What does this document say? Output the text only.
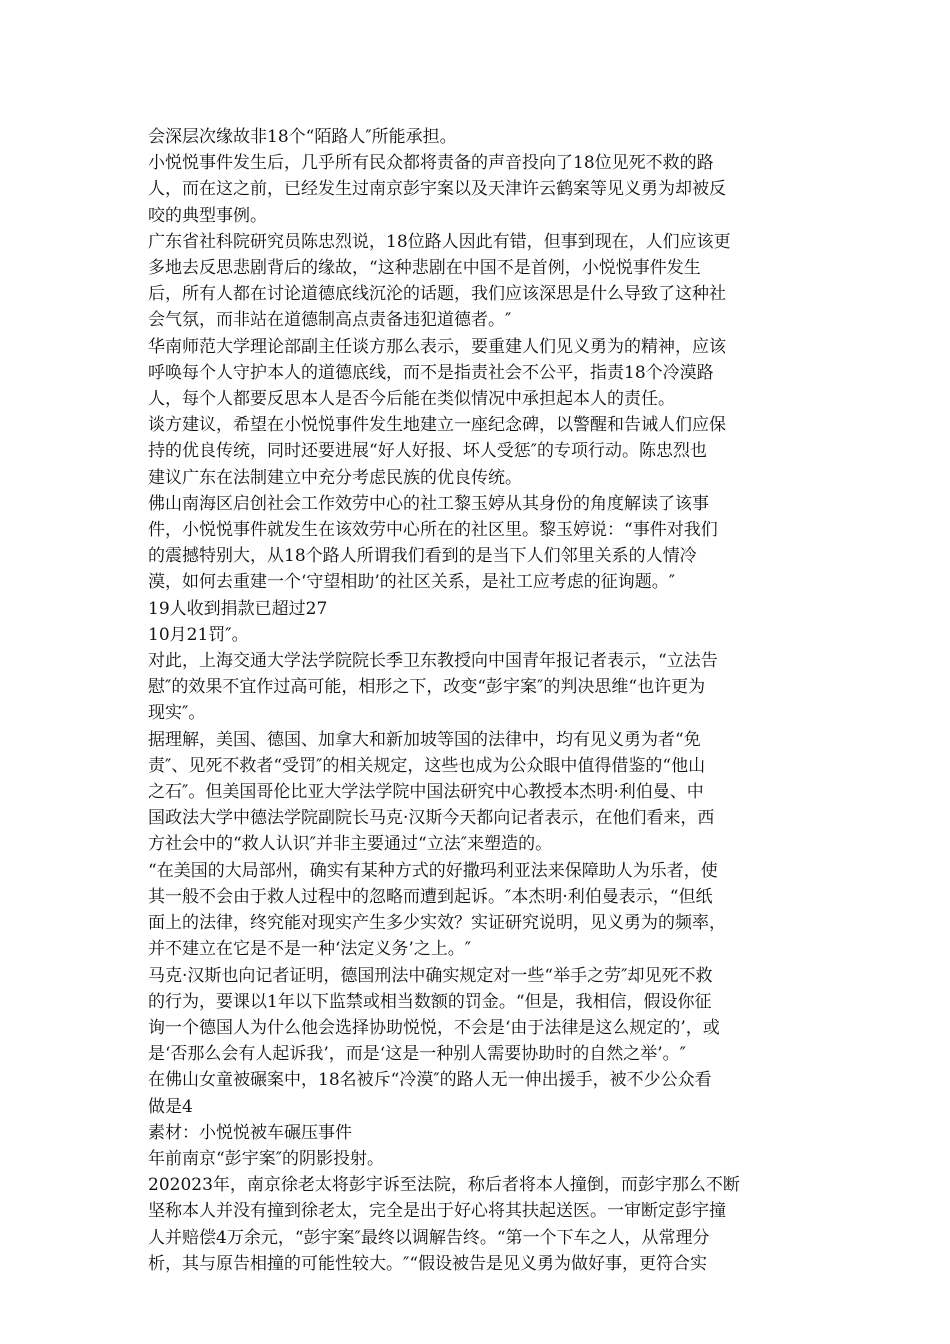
会深层次缘故非18个“陌路人″所能承担。

小悦悦事件发生后，几乎所有民众都将责备的声音投向了18位见死不救的路
人，而在这之前，已经发生过南京彭宇案以及天津许云鹤案等见义勇为却被反
咬的典型事例。

广东省社科院研究员陈忠烈说，18位路人因此有错，但事到现在，人们应该更
多地去反思悲剧背后的缘故，“这种悲剧在中国不是首例，小悦悦事件发生
后，所有人都在讨论道德底线沉沦的话题，我们应该深思是什么导致了这种社
会气氛，而非站在道德制高点责备违犯道德者。″

华南师范大学理论部副主任谈方那么表示，要重建人们见义勇为的精神，应该
呼唤每个人守护本人的道德底线，而不是指责社会不公平，指责18个冷漠路
人，每个人都要反思本人是否今后能在类似情况中承担起本人的责任。

谈方建议，希望在小悦悦事件发生地建立一座纪念碑，以警醒和告诫人们应保
持的优良传统，同时还要进展“好人好报、坏人受惩″的专项行动。陈忠烈也
建议广东在法制建立中充分考虑民族的优良传统。

佛山南海区启创社会工作效劳中心的社工黎玉婷从其身份的角度解读了该事
件，小悦悦事件就发生在该效劳中心所在的社区里。黎玉婷说：“事件对我们
的震撼特别大，从18个路人所谓我们看到的是当下人们邻里关系的人情冷
漠，如何去重建一个‘守望相助’的社区关系，是社工应考虑的征询题。″

19人收到捐款已超过27

10月21罚″。

对此，上海交通大学法学院院长季卫东教授向中国青年报记者表示，“立法告
慰″的效果不宜作过高可能，相形之下，改变“彭宇案″的判决思维“也许更为
现实″。

据理解，美国、德国、加拿大和新加坡等国的法律中，均有见义勇为者“免
责″、见死不救者“受罚″的相关规定，这些也成为公众眼中值得借鉴的“他山
之石″。但美国哥伦比亚大学法学院中国法研究中心教授本杰明·利伯曼、中
国政法大学中德法学院副院长马克·汉斯今天都向记者表示，在他们看来，西
方社会中的“救人认识″并非主要通过“立法″来塑造的。

“在美国的大局部州，确实有某种方式的好撒玛利亚法来保障助人为乐者，使
其一般不会由于救人过程中的忽略而遭到起诉。″本杰明·利伯曼表示，“但纸
面上的法律，终究能对现实产生多少实效？实证研究说明，见义勇为的频率，
并不建立在它是不是一种‘法定义务’之上。″

马克·汉斯也向记者证明，德国刑法中确实规定对一些“举手之劳″却见死不救
的行为，要课以1年以下监禁或相当数额的罚金。“但是，我相信，假设你征
询一个德国人为什么他会选择协助悦悦，不会是‘由于法律是这么规定的’，或
是‘否那么会有人起诉我’，而是‘这是一种别人需要协助时的自然之举’。″

在佛山女童被碾案中，18名被斥“冷漠″的路人无一伸出援手，被不少公众看
做是4

素材：小悦悦被车碾压事件

年前南京“彭宇案″的阴影投射。

202023年，南京徐老太将彭宇诉至法院，称后者将本人撞倒，而彭宇那么不断
坚称本人并没有撞到徐老太，完全是出于好心将其扶起送医。一审断定彭宇撞
人并赔偿4万余元，“彭宇案″最终以调解告终。“第一个下车之人，从常理分
析，其与原告相撞的可能性较大。″“假设被告是见义勇为做好事，更符合实
